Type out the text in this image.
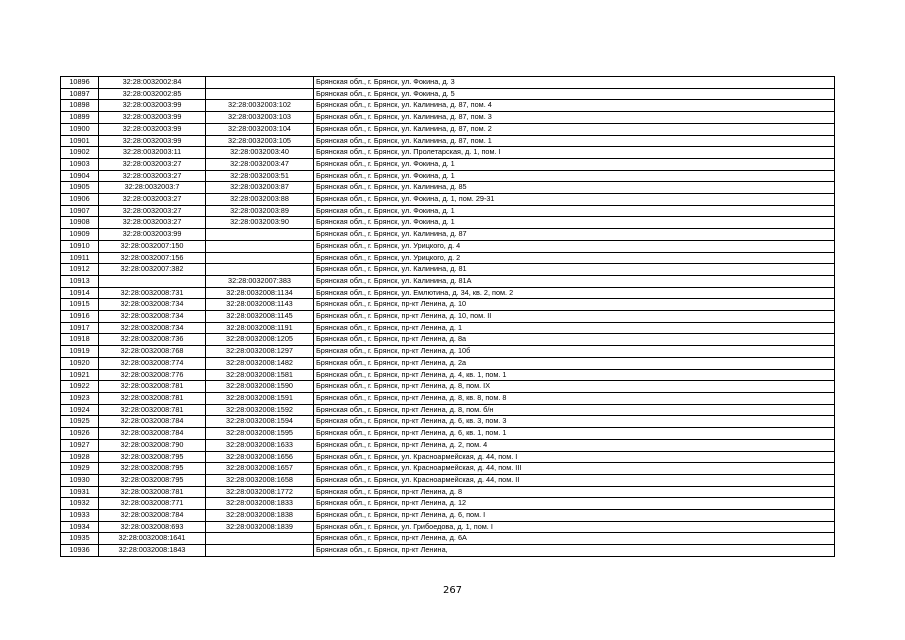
10896	32:28:0032002:84		Брянская обл., г. Брянск, ул. Фокина, д. 3
10897	32:28:0032002:85		Брянская обл., г. Брянск, ул. Фокина, д. 5
10898	32:28:0032003:99	32:28:0032003:102	Брянская обл., г. Брянск, ул. Калинина, д. 87, пом. 4
10899	32:28:0032003:99	32:28:0032003:103	Брянская обл., г. Брянск, ул. Калинина, д. 87, пом. 3
10900	32:28:0032003:99	32:28:0032003:104	Брянская обл., г. Брянск, ул. Калинина, д. 87, пом. 2
10901	32:28:0032003:99	32:28:0032003:105	Брянская обл., г. Брянск, ул. Калинина, д. 87, пом. 1
10902	32:28:0032003:11	32:28:0032003:40	Брянская обл., г. Брянск, ул. Пролетарская, д. 1, пом. I
10903	32:28:0032003:27	32:28:0032003:47	Брянская обл., г. Брянск, ул. Фокина, д. 1
10904	32:28:0032003:27	32:28:0032003:51	Брянская обл., г. Брянск, ул. Фокина, д. 1
10905	32:28:0032003:7	32:28:0032003:87	Брянская обл., г. Брянск, ул. Калинина, д. 85
10906	32:28:0032003:27	32:28:0032003:88	Брянская обл., г. Брянск, ул. Фокина, д. 1, пом. 29-31
10907	32:28:0032003:27	32:28:0032003:89	Брянская обл., г. Брянск, ул. Фокина, д. 1
10908	32:28:0032003:27	32:28:0032003:90	Брянская обл., г. Брянск, ул. Фокина, д. 1
10909	32:28:0032003:99		Брянская обл., г. Брянск, ул. Калинина, д. 87
10910	32:28:0032007:150		Брянская обл., г. Брянск, ул. Урицкого, д. 4
10911	32:28:0032007:156		Брянская обл., г. Брянск, ул. Урицкого, д. 2
10912	32:28:0032007:382		Брянская обл., г. Брянск, ул. Калинина, д. 81
10913		32:28:0032007:383	Брянская обл., г. Брянск, ул. Калинина, д. 81А
10914	32:28:0032008:731	32:28:0032008:1134	Брянская обл., г. Брянск, ул. Емлютина, д. 34, кв. 2, пом. 2
10915	32:28:0032008:734	32:28:0032008:1143	Брянская обл., г. Брянск, пр-кт Ленина, д. 10
10916	32:28:0032008:734	32:28:0032008:1145	Брянская обл., г. Брянск, пр-кт Ленина, д. 10, пом. II
10917	32:28:0032008:734	32:28:0032008:1191	Брянская обл., г. Брянск, пр-кт Ленина, д. 1
10918	32:28:0032008:736	32:28:0032008:1205	Брянская обл., г. Брянск, пр-кт Ленина, д. 8а
10919	32:28:0032008:768	32:28:0032008:1297	Брянская обл., г. Брянск, пр-кт Ленина, д. 10б
10920	32:28:0032008:774	32:28:0032008:1482	Брянская обл., г. Брянск, пр-кт Ленина, д. 2а
10921	32:28:0032008:776	32:28:0032008:1581	Брянская обл., г. Брянск, пр-кт Ленина, д. 4, кв. 1, пом. 1
10922	32:28:0032008:781	32:28:0032008:1590	Брянская обл., г. Брянск, пр-кт Ленина, д. 8, пом. IX
10923	32:28:0032008:781	32:28:0032008:1591	Брянская обл., г. Брянск, пр-кт Ленина, д. 8, кв. 8, пом. 8
10924	32:28:0032008:781	32:28:0032008:1592	Брянская обл., г. Брянск, пр-кт Ленина, д. 8, пом. б/н
10925	32:28:0032008:784	32:28:0032008:1594	Брянская обл., г. Брянск, пр-кт Ленина, д. 6, кв. 3, пом. 3
10926	32:28:0032008:784	32:28:0032008:1595	Брянская обл., г. Брянск, пр-кт Ленина, д. 6, кв. 1, пом. 1
10927	32:28:0032008:790	32:28:0032008:1633	Брянская обл., г. Брянск, пр-кт Ленина, д. 2, пом. 4
10928	32:28:0032008:795	32:28:0032008:1656	Брянская обл., г. Брянск, ул. Красноармейская, д. 44, пом. I
10929	32:28:0032008:795	32:28:0032008:1657	Брянская обл., г. Брянск, ул. Красноармейская, д. 44, пом. III
10930	32:28:0032008:795	32:28:0032008:1658	Брянская обл., г. Брянск, ул. Красноармейская, д. 44, пом. II
10931	32:28:0032008:781	32:28:0032008:1772	Брянская обл., г. Брянск, пр-кт Ленина, д. 8
10932	32:28:0032008:771	32:28:0032008:1833	Брянская обл., г. Брянск, пр-кт Ленина, д. 12
10933	32:28:0032008:784	32:28:0032008:1838	Брянская обл., г. Брянск, пр-кт Ленина, д. 6, пом. I
10934	32:28:0032008:693	32:28:0032008:1839	Брянская обл., г. Брянск, ул. Грибоедова, д. 1, пом. I
10935	32:28:0032008:1641		Брянская обл., г. Брянск, пр-кт Ленина, д. 6А
10936	32:28:0032008:1843		Брянская обл., г. Брянск, пр-кт Ленина,
267
